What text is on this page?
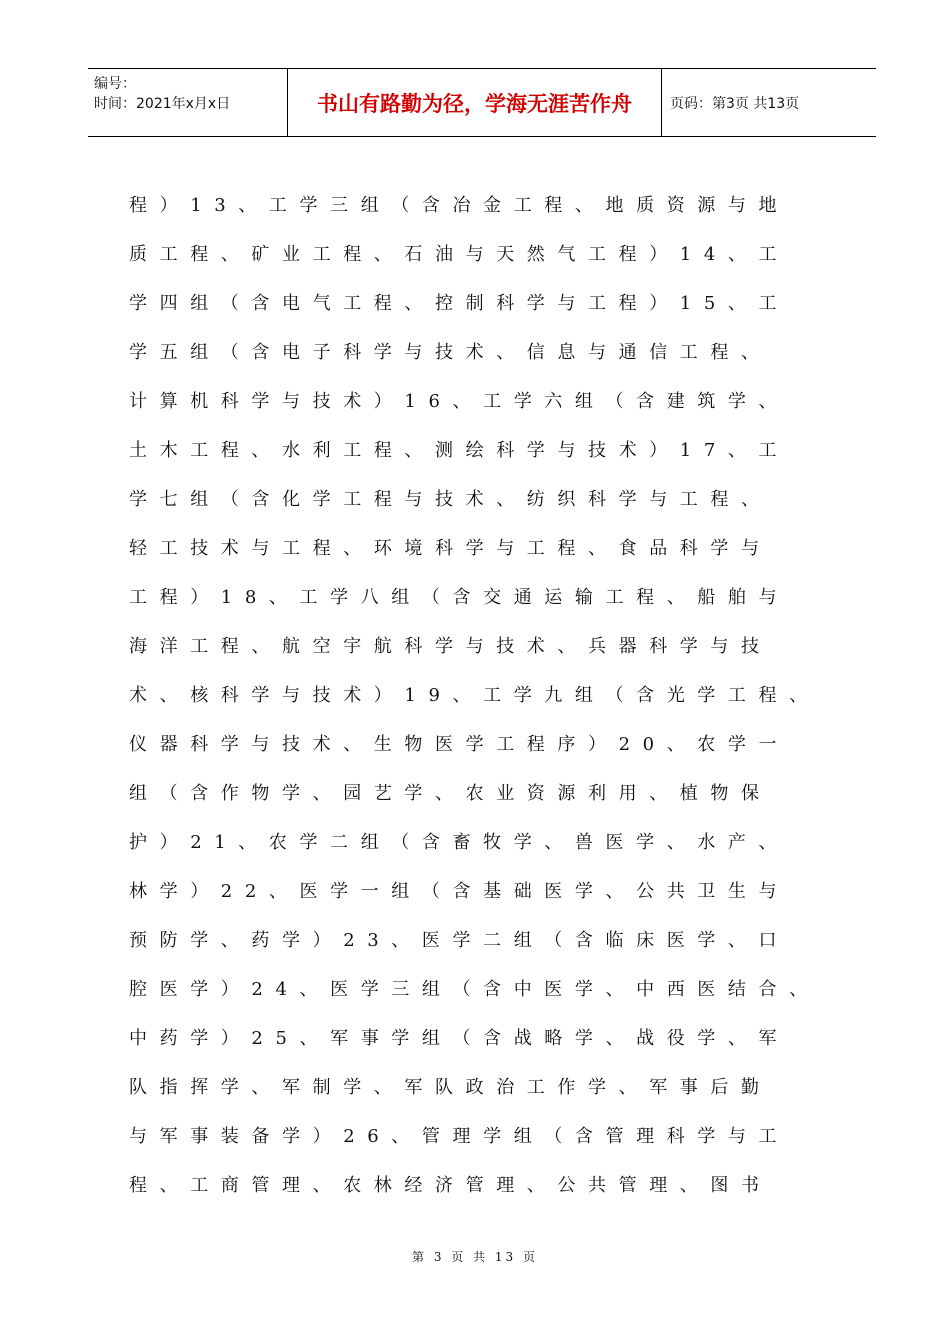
编号：
时间：2021年x月x日	书山有路勤为径，学海无涯苦作舟	页码：第3页 共13页
程）13、工学三组（含冶金工程、地质资源与地
质工程、矿业工程、石油与天然气工程）14、工
学四组（含电气工程、控制科学与工程）15、工
学五组（含电子科学与技术、信息与通信工程、
计算机科学与技术）16、工学六组（含建筑学、
土木工程、水利工程、测绘科学与技术）17、工
学七组（含化学工程与技术、纺织科学与工程、
轻工技术与工程、环境科学与工程、食品科学与
工程）18、工学八组（含交通运输工程、船舶与
海洋工程、航空宇航科学与技术、兵器科学与技
术、核科学与技术）19、工学九组（含光学工程、
仪器科学与技术、生物医学工程序）20、农学一
组（含作物学、园艺学、农业资源利用、植物保
护）21、农学二组（含畜牧学、兽医学、水产、
林学）22、医学一组（含基础医学、公共卫生与
预防学、药学）23、医学二组（含临床医学、口
腔医学）24、医学三组（含中医学、中西医结合、
中药学）25、军事学组（含战略学、战役学、军
队指挥学、军制学、军队政治工作学、军事后勤
与军事装备学）26、管理学组（含管理科学与工
程、工商管理、农林经济管理、公共管理、图书
第 3 页 共 13 页
